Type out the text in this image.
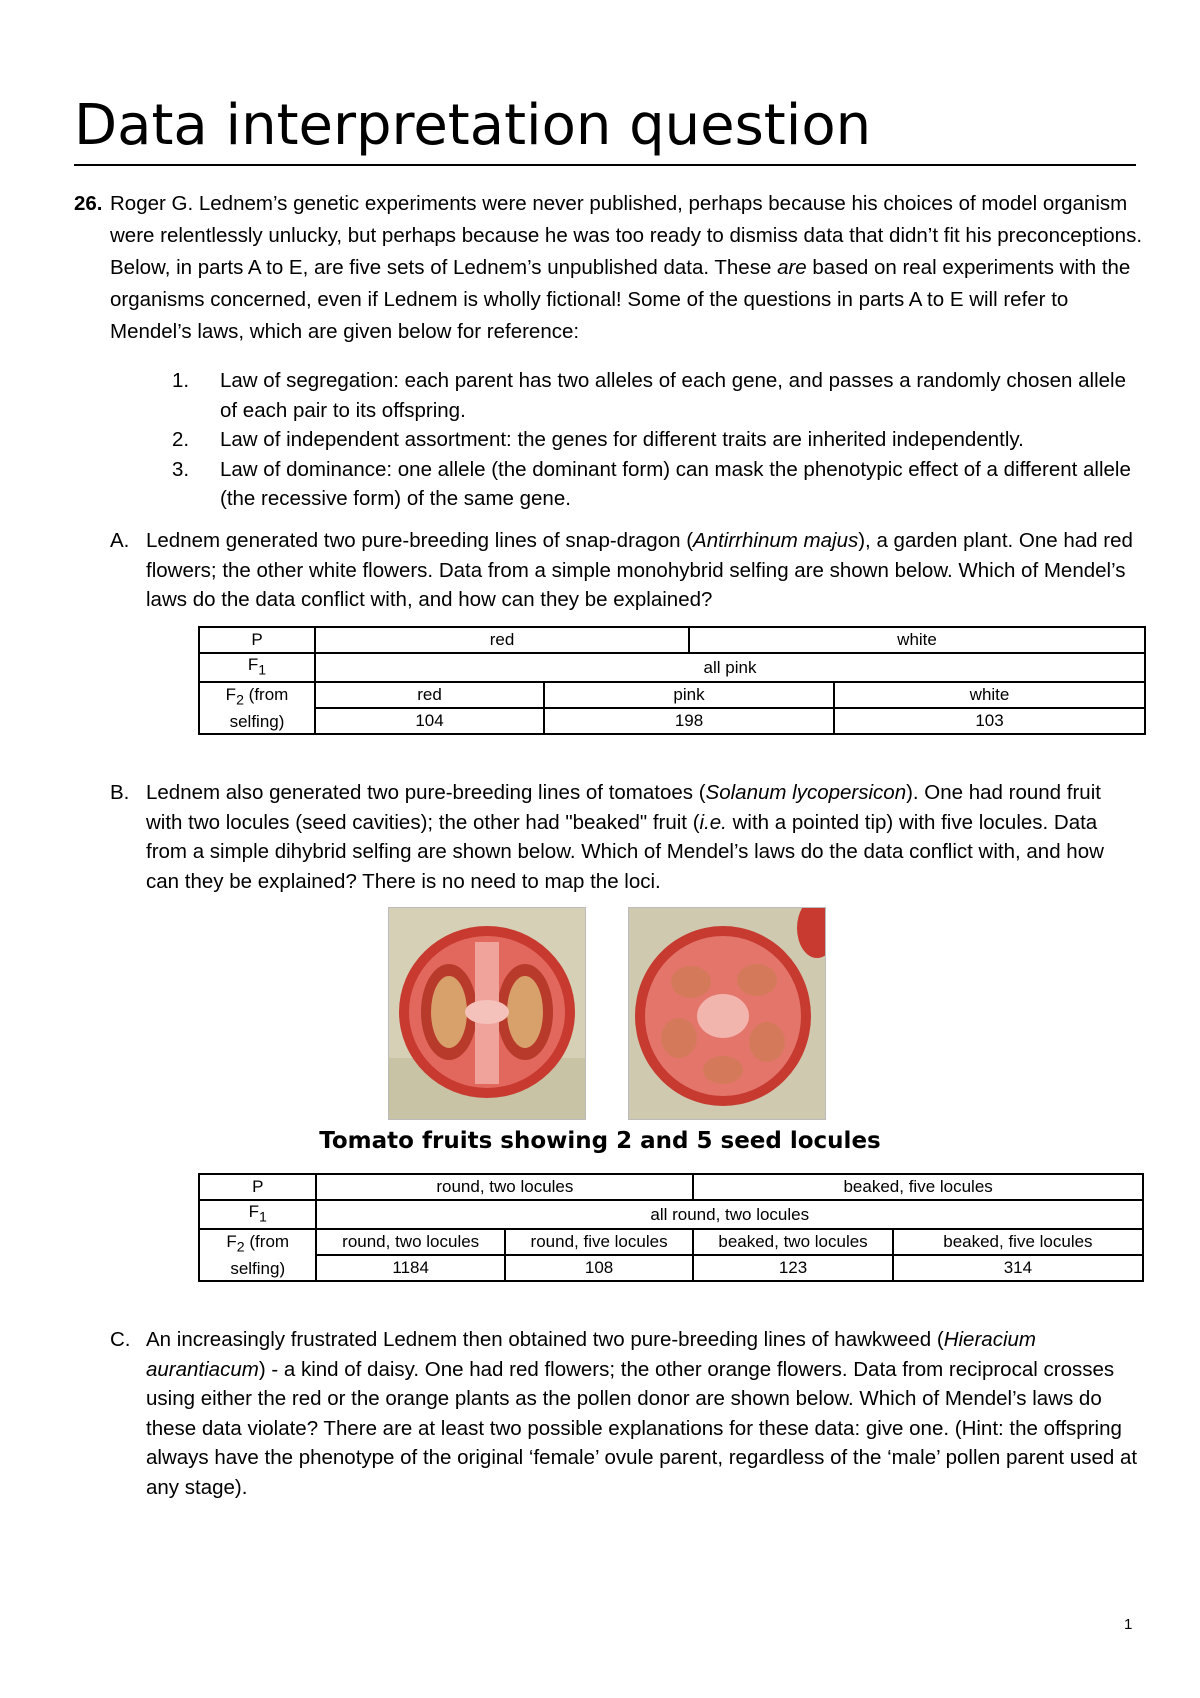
Data interpretation question
26. Roger G. Lednem’s genetic experiments were never published, perhaps because his choices of model organism were relentlessly unlucky, but perhaps because he was too ready to dismiss data that didn’t fit his preconceptions. Below, in parts A to E, are five sets of Lednem’s unpublished data. These are based on real experiments with the organisms concerned, even if Lednem is wholly fictional! Some of the questions in parts A to E will refer to Mendel’s laws, which are given below for reference:
1. Law of segregation: each parent has two alleles of each gene, and passes a randomly chosen allele of each pair to its offspring.
2. Law of independent assortment: the genes for different traits are inherited independently.
3. Law of dominance: one allele (the dominant form) can mask the phenotypic effect of a different allele (the recessive form) of the same gene.
A. Lednem generated two pure-breeding lines of snap-dragon (Antirrhinum majus), a garden plant. One had red flowers; the other white flowers. Data from a simple monohybrid selfing are shown below. Which of Mendel’s laws do the data conflict with, and how can they be explained?
P	red		white	
$F_1$	all pink			
$F_2$ (from selfing)	red	pink		white
	104	198		103
B. Lednem also generated two pure-breeding lines of tomatoes (Solanum lycopersicon). One had round fruit with two locules (seed cavities); the other had "beaked" fruit (i.e. with a pointed tip) with five locules. Data from a simple dihybrid selfing are shown below. Which of Mendel’s laws do the data conflict with, and how can they be explained? There is no need to map the loci.
Tomato fruits showing 2 and 5 seed locules
P	round, two locules		beaked, five locules	
$F_1$	all round, two locules			
$F_2$ (from selfing)	round, two locules	round, five locules	beaked, two locules	beaked, five locules
	1184	108	123	314
C. An increasingly frustrated Lednem then obtained two pure-breeding lines of hawkweed (Hieracium aurantiacum) - a kind of daisy. One had red flowers; the other orange flowers. Data from reciprocal crosses using either the red or the orange plants as the pollen donor are shown below. Which of Mendel’s laws do these data violate? There are at least two possible explanations for these data: give one. (Hint: the offspring always have the phenotype of the original ‘female’ ovule parent, regardless of the ‘male’ pollen parent used at any stage).
1
